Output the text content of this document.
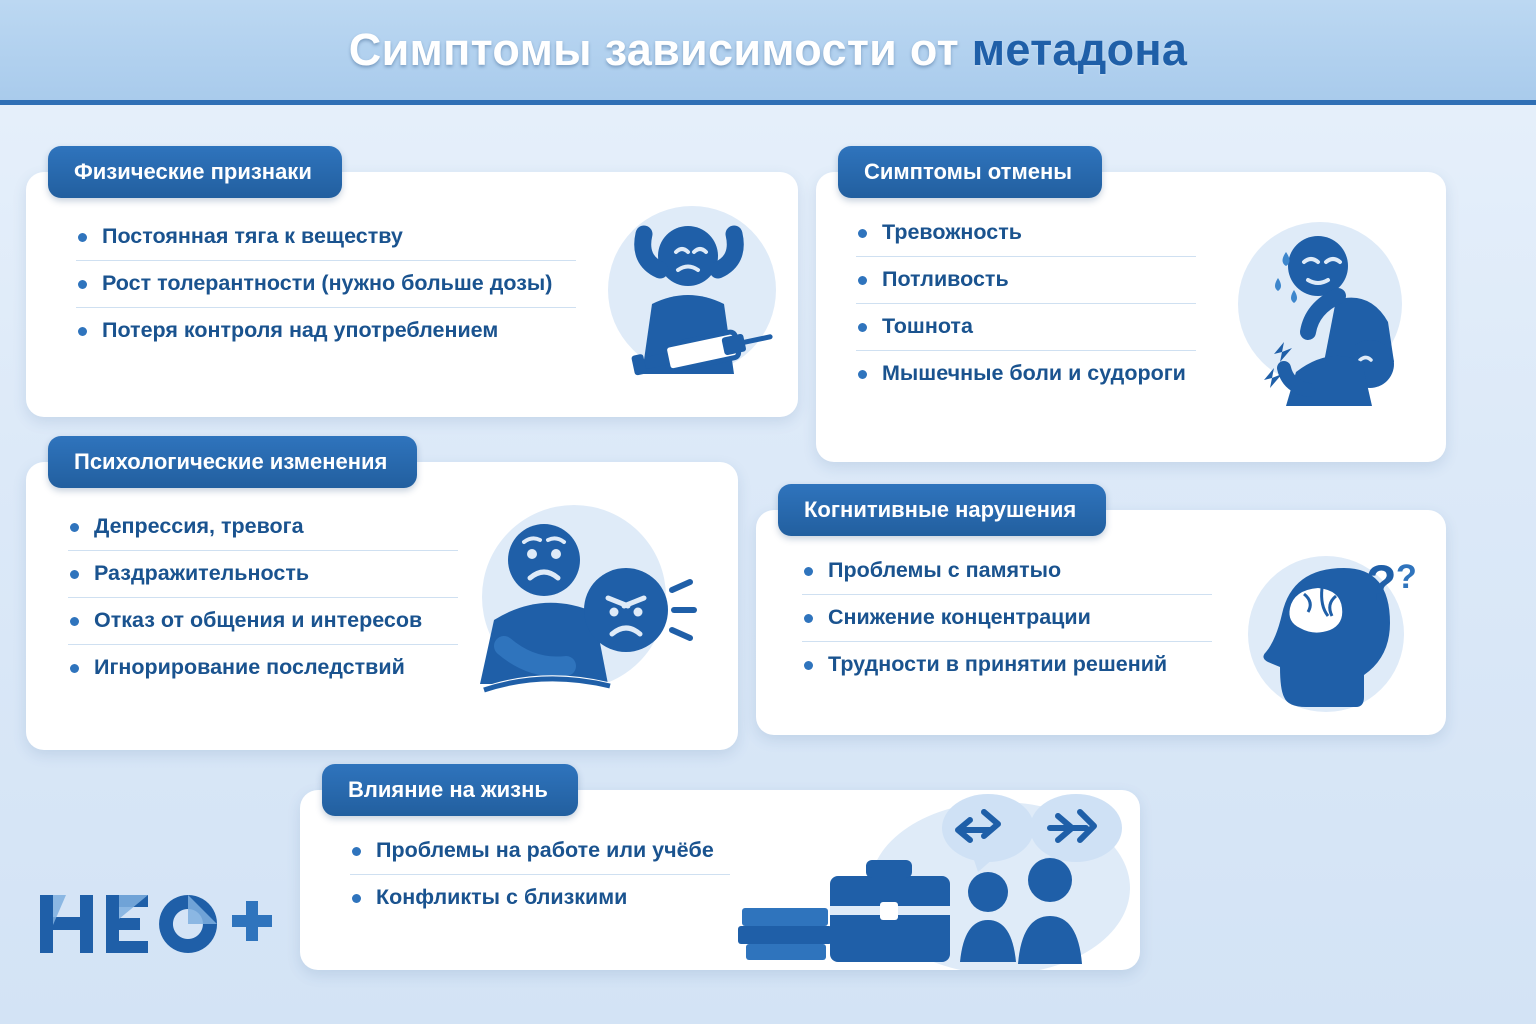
Симптомы зависимости от метадона
Физические признаки
Постоянная тяга к веществу
Рост толерантности (нужно больше дозы)
Потеря контроля над употреблением
Симптомы отмены
Тревожность
Потливость
Тошнота
Мышечные боли и судороги
Психологические изменения
Депрессия, тревога
Раздражительность
Отказ от общения и интересов
Игнорирование последствий
Когнитивные нарушения
Проблемы с памятыо
Снижение концентрации
Трудности в принятии решений
? ?
Влияние на жизнь
Проблемы на работе или учёбе
Конфликты с близкими
